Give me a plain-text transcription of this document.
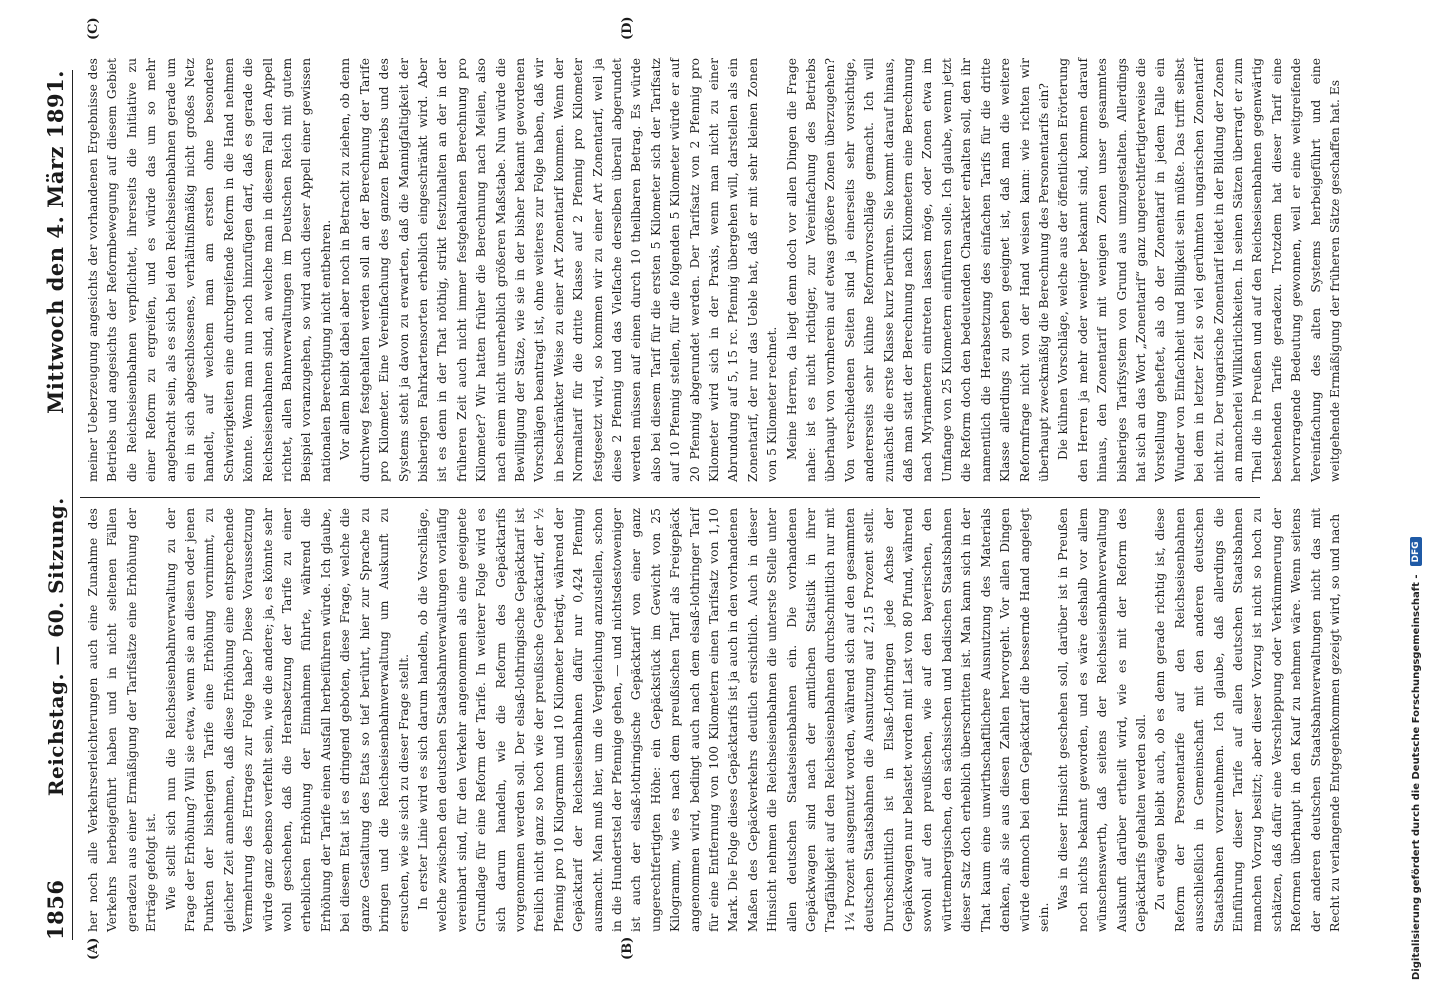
1856
Reichstag. — 60. Sitzung.
Mittwoch den 4. März 1891.
(A)	(B)
(C)	(D)

her noch alle Verkehrserleichterungen auch eine Zunahme des Verkehrs herbeigeführt haben und in nicht seltenen Fällen geradezu aus einer Ermäßigung der Tarifsätze eine Erhöhung der Erträge gefolgt ist. Wie stellt sich nun die Reichseisenbahnverwaltung zu der Frage der Erhöhung? Will sie etwa, wenn sie an diesen oder jenen Punkten der bisherigen Tarife eine Erhöhung vornimmt, zu gleicher Zeit annehmen, daß diese Erhöhung eine entsprechende Vermehrung des Ertrages zur Folge habe? Diese Voraussetzung würde ganz ebenso verfehlt sein, wie die andere; ja, es könnte sehr wohl geschehen, daß die Herabsetzung der Tarife zu einer erheblichen Erhöhung der Einnahmen führte, während die Erhöhung der Tarife einen Ausfall herbeiführen würde. Ich glaube, bei diesem Etat ist es dringend geboten, diese Frage, welche die ganze Gestaltung des Etats so tief berührt, hier zur Sprache zu bringen und die Reichseisenbahnverwaltung um Auskunft zu ersuchen, wie sie sich zu dieser Frage stellt. In erster Linie wird es sich darum handeln, ob die Vorschläge, welche zwischen den deutschen Staatsbahnverwaltungen vorläufig vereinbart sind, für den Verkehr angenommen als eine geeignete Grundlage für eine Reform der Tarife. In weiterer Folge wird es sich darum handeln, wie die Reform des Gepäcktarifs vorgenommen werden soll. Der elsaß-lothringische Gepäcktarif ist freilich nicht ganz so hoch wie der preußische Gepäcktarif, der ½ Pfennig pro 10 Kilogramm und 10 Kilometer beträgt, während der Gepäcktarif der Reichseisenbahnen dafür nur 0,424 Pfennig ausmacht. Man muß hier, um die Vergleichung anzustellen, schon in die Hundertstel der Pfennige gehen, — und nichtsdestoweniger ist auch der elsaß-lothringische Gepäcktarif von einer ganz ungerechtfertigten Höhe: ein Gepäckstück im Gewicht von 25 Kilogramm, wie es nach dem preußischen Tarif als Freigepäck angenommen wird, bedingt auch nach dem elsaß-lothringer Tarif für eine Entfernung von 100 Kilometern einen Tarifsatz von 1,10 Mark. Die Folge dieses Gepäcktarifs ist ja auch in den vorhandenen Maßen des Gepäckverkehrs deutlich ersichtlich. Auch in dieser Hinsicht nehmen die Reichseisenbahnen die unterste Stelle unter allen deutschen Staatseisenbahnen ein. Die vorhandenen Gepäckwagen sind nach der amtlichen Statistik in ihrer Tragfähigkeit auf den Reichseisenbahnen durchschnittlich nur mit 1¼ Prozent ausgenutzt worden, während sich auf den gesammten deutschen Staatsbahnen die Ausnutzung auf 2,15 Prozent stellt. Durchschnittlich ist in Elsaß-Lothringen jede Achse der Gepäckwagen nur belastet worden mit Last von 80 Pfund, während sowohl auf den preußischen, wie auf den bayerischen, den württembergischen, den sächsischen und badischen Staatsbahnen dieser Satz doch erheblich überschritten ist. Man kann sich in der That kaum eine unwirthschaftlichere Ausnutzung des Materials denken, als sie aus diesen Zahlen hervorgeht. Vor allen Dingen würde dennoch bei dem Gepäcktarif die bessernde Hand angelegt sein.

Was in dieser Hinsicht geschehen soll, darüber ist in Preußen noch nichts bekannt geworden, und es wäre deshalb vor allem wünschenswerth, daß seitens der Reichseisenbahnverwaltung Auskunft darüber ertheilt wird, wie es mit der Reform des Gepäcktarifs gehalten werden soll. Zu erwägen bleibt auch, ob es denn gerade richtig ist, diese Reform der Personentarife auf den Reichseisenbahnen ausschließlich in Gemeinschaft mit den anderen deutschen Staatsbahnen vorzunehmen. Ich glaube, daß allerdings die Einführung dieser Tarife auf allen deutschen Staatsbahnen manchen Vorzug besitzt; aber dieser Vorzug ist nicht so hoch zu schätzen, daß dafür eine Verschleppung oder Verkümmerung der Reformen überhaupt in den Kauf zu nehmen wäre. Wenn seitens der anderen deutschen Staatsbahnverwaltungen nicht das mit Recht zu verlangende Entgegenkommen gezeigt wird, so und nach

meiner Ueberzeugung angesichts der vorhandenen Ergebnisse des Betriebs und angesichts der Reformbewegung auf diesem Gebiet die Reichseisenbahnen verpflichtet, ihrerseits die Initiative zu einer Reform zu ergreifen, und es würde das um so mehr angebracht sein, als es sich bei den Reichseisenbahnen gerade um ein in sich abgeschlossenes, verhältnißmäßig nicht großes Netz handelt, auf welchem man am ersten ohne besondere Schwierigkeiten eine durchgreifende Reform in die Hand nehmen könnte. Wenn man nun noch hinzufügen darf, daß es gerade die Reichseisenbahnen sind, an welche man in diesem Fall den Appell richtet, allen Bahnverwaltungen im Deutschen Reich mit gutem Beispiel voranzugehen, so wird auch dieser Appell einer gewissen nationalen Berechtigung nicht entbehren. Vor allem bleibt dabei aber noch in Betracht zu ziehen, ob denn durchweg festgehalten werden soll an der Berechnung der Tarife pro Kilometer. Eine Vereinfachung des ganzen Betriebs und des Systems steht ja davon zu erwarten, daß die Mannigfaltigkeit der bisherigen Fahrkartensorten erheblich eingeschränkt wird. Aber ist es denn in der That nöthig, strikt festzuhalten an der in der früheren Zeit auch nicht immer festgehaltenen Berechnung pro Kilometer? Wir hatten früher die Berechnung nach Meilen, also nach einem nicht unerheblich größeren Maßstabe. Nun würde die Bewilligung der Sätze, wie sie in der bisher bekannt gewordenen Vorschlägen beantragt ist, ohne weiteres zur Folge haben, daß wir in beschränkter Weise zu einer Art Zonentarif kommen. Wenn der Normaltarif für die dritte Klasse auf 2 Pfennig pro Kilometer festgesetzt wird, so kommen wir zu einer Art Zonentarif, weil ja diese 2 Pfennig und das Vielfache derselben überall abgerundet werden müssen auf einen durch 10 theilbaren Betrag. Es würde also bei diesem Tarif für die ersten 5 Kilometer sich der Tarifsatz auf 10 Pfennig stellen, für die folgenden 5 Kilometer würde er auf 20 Pfennig abgerundet werden. Der Tarifsatz von 2 Pfennig pro Kilometer wird sich in der Praxis, wenn man nicht zu einer Abrundung auf 5, 15 rc. Pfennig übergehen will, darstellen als ein Zonentarif, der nur das Ueble hat, daß er mit sehr kleinen Zonen von 5 Kilometer rechnet. Meine Herren, da liegt denn doch vor allen Dingen die Frage nahe: ist es nicht richtiger, zur Vereinfachung des Betriebs überhaupt von vornherein auf etwas größere Zonen überzugehen? Von verschiedenen Seiten sind ja einerseits sehr vorsichtige, andererseits sehr kühne Reformvorschläge gemacht. Ich will zunächst die erste Klasse kurz berühren. Sie kommt darauf hinaus, daß man statt der Berechnung nach Kilometern eine Berechnung nach Myriametern eintreten lassen möge, oder Zonen etwa im Umfange von 25 Kilometern einführen solle. Ich glaube, wenn jetzt die Reform doch den bedeutenden Charakter erhalten soll, den ihr namentlich die Herabsetzung des einfachen Tarifs für die dritte Klasse allerdings zu geben geeignet ist, daß man die weitere Reformfrage nicht von der Hand weisen kann: wie richten wir überhaupt zweckmäßig die Berechnung des Personentarifs ein? Die kühnen Vorschläge, welche aus der öffentlichen Erörterung den Herren ja mehr oder weniger bekannt sind, kommen darauf hinaus, den Zonentarif mit wenigen Zonen unser gesammtes bisheriges Tarifsystem von Grund aus umzugestalten. Allerdings hat sich an das Wort „Zonentarif“ ganz ungerechtfertigterweise die Vorstellung geheftet, als ob der Zonentarif in jedem Falle ein Wunder von Einfachheit und Billigkeit sein müßte. Das trifft selbst bei dem in letzter Zeit so viel gerühmten ungarischen Zonentarif nicht zu. Der ungarische Zonentarif leidet in der Bildung der Zonen an mancherlei Willkürlichkeiten. In seinen Sätzen überragt er zum Theil die in Preußen und auf den Reichseisenbahnen gegenwärtig bestehenden Tarife geradezu. Trotzdem hat dieser Tarif eine hervorragende Bedeutung gewonnen, weil er eine weitgreifende Vereinfachung des alten Systems herbeigeführt und eine weitgehende Ermäßigung der früheren Sätze geschaffen hat. Es

Digitalisierung gefördert durch die Deutsche Forschungsgemeinschaft -
DFG
